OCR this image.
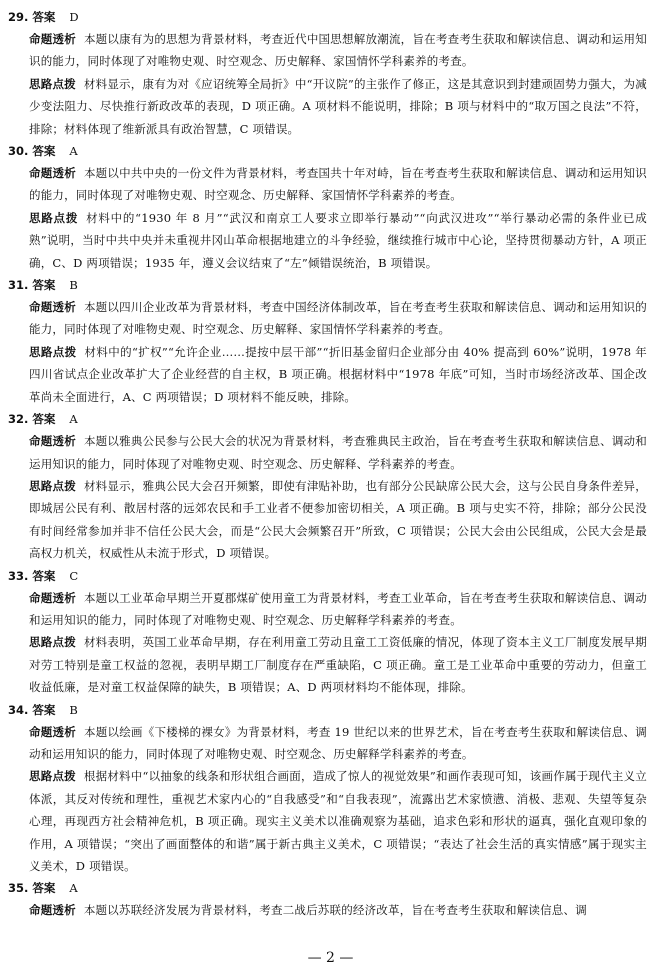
29. 答案 D

命题透析 本题以康有为的思想为背景材料，考查近代中国思想解放潮流，旨在考查考生获取和解读信息、调动和运用知识的能力，同时体现了对唯物史观、时空观念、历史解释、家国情怀学科素养的考查。

思路点拨 材料显示，康有为对《应诏统筹全局折》中“开议院”的主张作了修正，这是其意识到封建顽固势力强大，为减少变法阻力、尽快推行新政改革的表现，D 项正确。A 项材料不能说明，排除；B 项与材料中的“取万国之良法”不符，排除；材料体现了维新派具有政治智慧，C 项错误。

30. 答案 A

命题透析 本题以中共中央的一份文件为背景材料，考查国共十年对峙，旨在考查考生获取和解读信息、调动和运用知识的能力，同时体现了对唯物史观、时空观念、历史解释、家国情怀学科素养的考查。

思路点拨 材料中的“1930 年 8 月”“武汉和南京工人要求立即举行暴动”“向武汉进攻”“举行暴动必需的条件业已成熟”说明，当时中共中央并未重视井冈山革命根据地建立的斗争经验，继续推行城市中心论，坚持贯彻暴动方针，A 项正确，C、D 两项错误；1935 年，遵义会议结束了“左”倾错误统治，B 项错误。

31. 答案 B

命题透析 本题以四川企业改革为背景材料，考查中国经济体制改革，旨在考查考生获取和解读信息、调动和运用知识的能力，同时体现了对唯物史观、时空观念、历史解释、家国情怀学科素养的考查。

思路点拨 材料中的“扩权”“允许企业……提按中层干部”“折旧基金留归企业部分由 40% 提高到 60%”说明，1978 年四川省试点企业改革扩大了企业经营的自主权，B 项正确。根据材料中“1978 年底”可知，当时市场经济改革、国企改革尚未全面进行，A、C 两项错误；D 项材料不能反映，排除。

32. 答案 A

命题透析 本题以雅典公民参与公民大会的状况为背景材料，考查雅典民主政治，旨在考查考生获取和解读信息、调动和运用知识的能力，同时体现了对唯物史观、时空观念、历史解释、学科素养的考查。

思路点拨 材料显示，雅典公民大会召开频繁，即使有津贴补助，也有部分公民缺席公民大会，这与公民自身条件差异，即城居公民有利、散居村落的远郊农民和手工业者不便参加密切相关，A 项正确。B 项与史实不符，排除；部分公民没有时间经常参加并非不信任公民大会，而是“公民大会频繁召开”所致，C 项错误；公民大会由公民组成，公民大会是最高权力机关，权威性从未流于形式，D 项错误。

33. 答案 C

命题透析 本题以工业革命早期兰开夏郡煤矿使用童工为背景材料，考查工业革命，旨在考查考生获取和解读信息、调动和运用知识的能力，同时体现了对唯物史观、时空观念、历史解释学科素养的考查。

思路点拨 材料表明，英国工业革命早期，存在利用童工劳动且童工工资低廉的情况，体现了资本主义工厂制度发展早期对劳工特别是童工权益的忽视，表明早期工厂制度存在严重缺陷，C 项正确。童工是工业革命中重要的劳动力，但童工收益低廉，是对童工权益保障的缺失，B 项错误；A、D 两项材料均不能体现，排除。

34. 答案 B

命题透析 本题以绘画《下楼梯的裸女》为背景材料，考查 19 世纪以来的世界艺术，旨在考查考生获取和解读信息、调动和运用知识的能力，同时体现了对唯物史观、时空观念、历史解释学科素养的考查。

思路点拨 根据材料中“以抽象的线条和形状组合画面，造成了惊人的视觉效果”和画作表现可知，该画作属于现代主义立体派，其反对传统和理性，重视艺术家内心的“自我感受”和“自我表现”，流露出艺术家愤懑、消极、悲观、失望等复杂心理，再现西方社会精神危机，B 项正确。现实主义美术以准确观察为基础，追求色彩和形状的逼真，强化直观印象的作用，A 项错误；“突出了画面整体的和谐”属于新古典主义美术，C 项错误；“表达了社会生活的真实情感”属于现实主义美术，D 项错误。

35. 答案 A

命题透析 本题以苏联经济发展为背景材料，考查二战后苏联的经济改革，旨在考查考生获取和解读信息、调

— 2 —
